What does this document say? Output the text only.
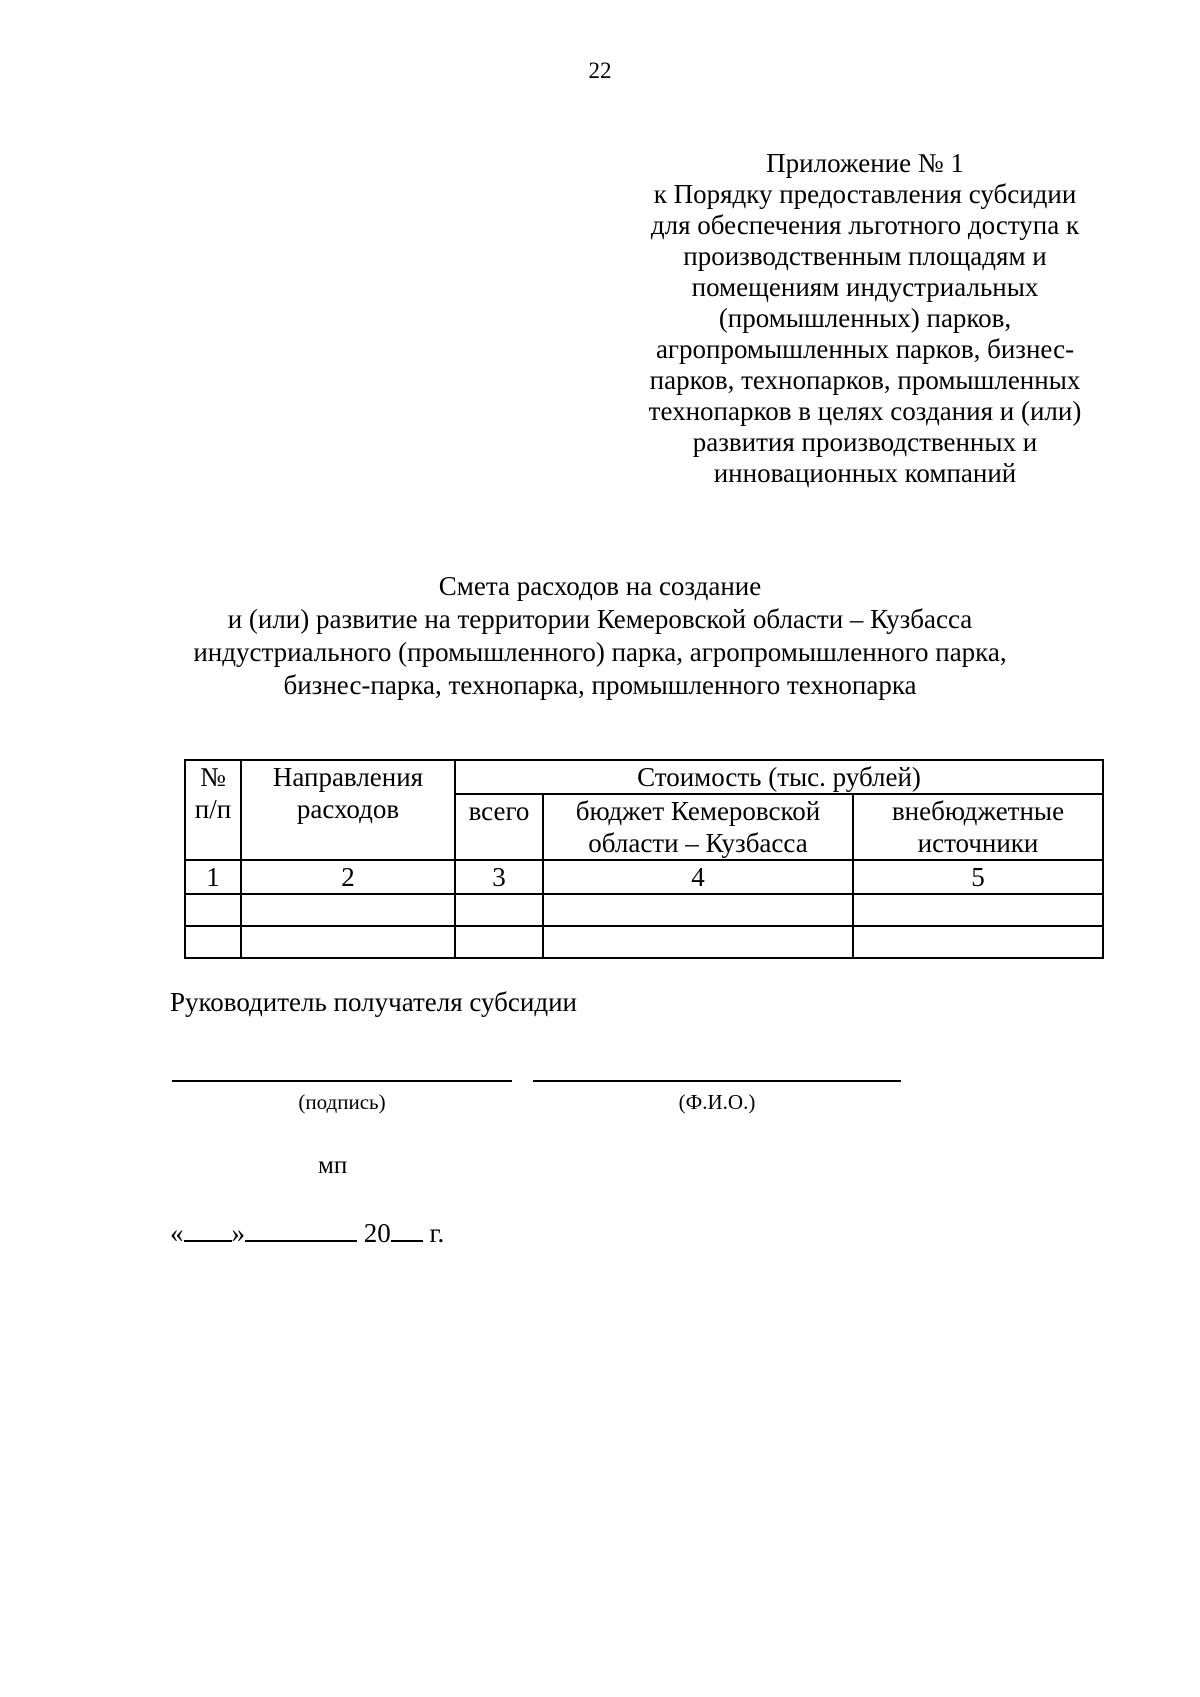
22
Приложение № 1
к Порядку предоставления субсидии
для обеспечения льготного доступа к
производственным площадям и
помещениям индустриальных
(промышленных) парков,
агропромышленных парков, бизнес-
парков, технопарков, промышленных
технопарков в целях создания и (или)
развития производственных и
инновационных компаний
Смета расходов на создание
и (или) развитие на территории Кемеровской области – Кузбасса
индустриального (промышленного) парка, агропромышленного парка,
бизнес-парка, технопарка, промышленного технопарка
№ п/п	Направления расходов	Стоимость (тыс. рублей)		
		всего	бюджет Кемеровской области – Кузбасса	внебюджетные источники
1	2	3	4	5

Руководитель получателя субсидии
(подпись)	(Ф.И.О.)
мп
« »	20 г.
